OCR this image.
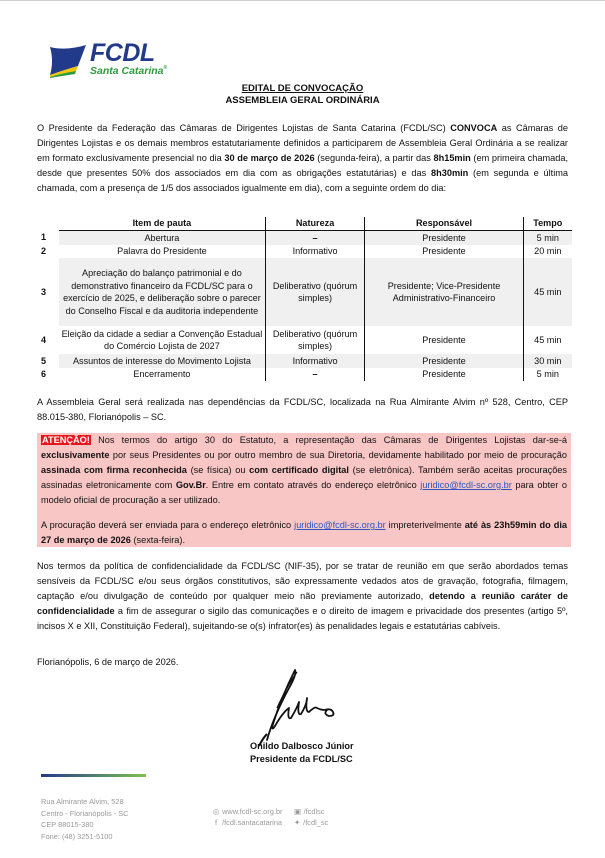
FCDL
Santa Catarina®
EDITAL DE CONVOCAÇÃO
ASSEMBLEIA GERAL ORDINÁRIA
O Presidente da Federação das Câmaras de Dirigentes Lojistas de Santa Catarina (FCDL/SC) CONVOCA as Câmaras de Dirigentes Lojistas e os demais membros estatutariamente definidos a participarem de Assembleia Geral Ordinária a se realizar em formato exclusivamente presencial no dia 30 de março de 2026 (segunda-feira), a partir das 8h15min (em primeira chamada, desde que presentes 50% dos associados em dia com as obrigações estatutárias) e das 8h30min (em segunda e última chamada, com a presença de 1/5 dos associados igualmente em dia), com a seguinte ordem do dia:
	Item de pauta	Natureza	Responsável	Tempo
1	Abertura	–	Presidente	5 min
2	Palavra do Presidente	Informativo	Presidente	20 min
3	Apreciação do balanço patrimonial e do demonstrativo financeiro da FCDL/SC para o exercício de 2025, e deliberação sobre o parecer do Conselho Fiscal e da auditoria independente	Deliberativo (quórum simples)	Presidente; Vice-Presidente Administrativo-Financeiro	45 min
4	Eleição da cidade a sediar a Convenção Estadual do Comércio Lojista de 2027	Deliberativo (quórum simples)	Presidente	45 min
5	Assuntos de interesse do Movimento Lojista	Informativo	Presidente	30 min
6	Encerramento	–	Presidente	5 min
A Assembleia Geral será realizada nas dependências da FCDL/SC, localizada na Rua Almirante Alvim nº 528, Centro, CEP 88.015-380, Florianópolis – SC.
ATENÇÃO! Nos termos do artigo 30 do Estatuto, a representação das Câmaras de Dirigentes Lojistas dar-se-á exclusivamente por seus Presidentes ou por outro membro de sua Diretoria, devidamente habilitado por meio de procuração assinada com firma reconhecida (se física) ou com certificado digital (se eletrônica). Também serão aceitas procurações assinadas eletronicamente com Gov.Br. Entre em contato através do endereço eletrônico juridico@fcdl-sc.org.br para obter o modelo oficial de procuração a ser utilizado.
A procuração deverá ser enviada para o endereço eletrônico juridico@fcdl-sc.org.br impreterivelmente até às 23h59min do dia 27 de março de 2026 (sexta-feira).
Nos termos da política de confidencialidade da FCDL/SC (NIF-35), por se tratar de reunião em que serão abordados temas sensíveis da FCDL/SC e/ou seus órgãos constitutivos, são expressamente vedados atos de gravação, fotografia, filmagem, captação e/ou divulgação de conteúdo por qualquer meio não previamente autorizado, detendo a reunião caráter de confidencialidade a fim de assegurar o sigilo das comunicações e o direito de imagem e privacidade dos presentes (artigo 5º, incisos X e XII, Constituição Federal), sujeitando-se o(s) infrator(es) às penalidades legais e estatutárias cabíveis.
Florianópolis, 6 de março de 2026.
Onildo Dalbosco Júnior
Presidente da FCDL/SC
Rua Almirante Alvim, 528
Centro - Florianópolis - SC
CEP 88015-380
Fone: (48) 3251-5100
◎ www.fcdl-sc.org.br ▣ /fcdlsc
f /fcdl.santacatarina ✦ /fcdl_sc
